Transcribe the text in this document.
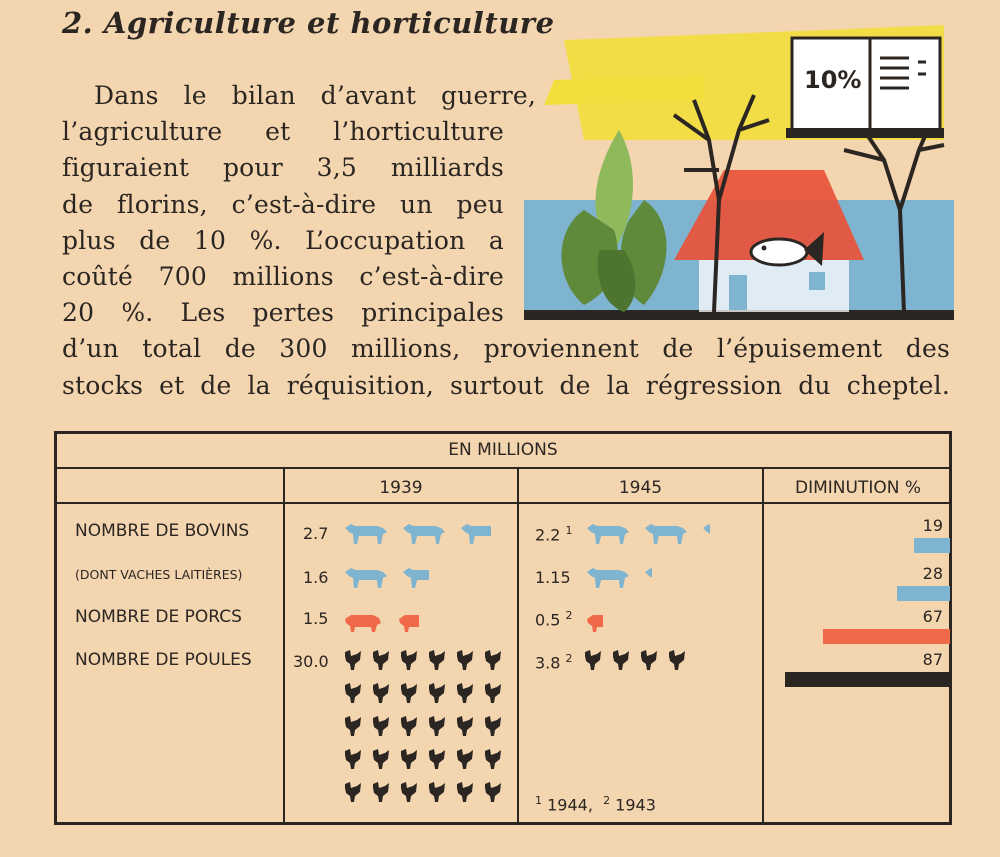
2. Agriculture et horticulture
Dans le bilan d’avant guerre,
l’agriculture et l’horticulture
figuraient pour 3,5 milliards
de florins, c’est-à-dire un peu
plus de 10 %. L’occupation a
coûté 700 millions c’est-à-dire
20 %. Les pertes principales
d’un total de 300 millions, proviennent de l’épuisement des
stocks et de la réquisition, surtout de la régression du cheptel.
10%
EN MILLIONS
1939	1945	DIMINUTION %
NOMBRE DE BOVINS
(DONT VACHES LAITIÈRES)
NOMBRE DE PORCS
NOMBRE DE POULES
2.7
1.6
1.5
30.0
2.2 $^1$
1.15
0.5 $^2$
3.8 $^2$
19
28
67
87
$^1$ 1944, $^2$ 1943
